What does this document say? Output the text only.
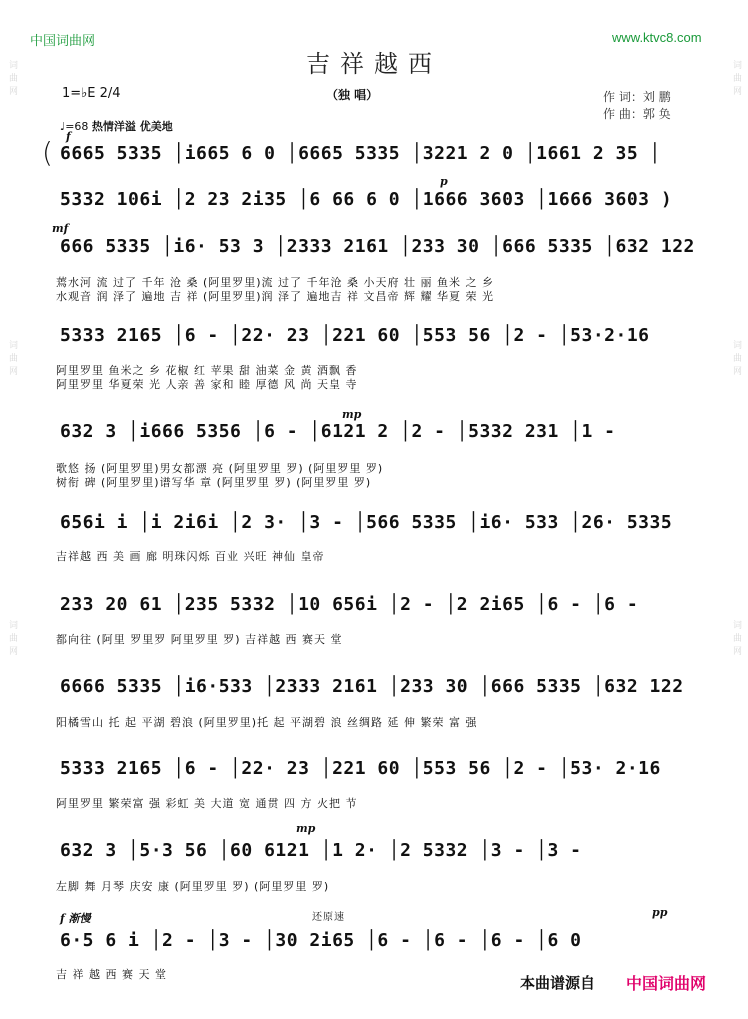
中国词曲网	www.ktvc8.com
吉祥越西
（独 唱）	作 词：刘 鹏
作 曲：郭 奂
1=♭E 2/4
♩=68 热情洋溢 优美地
f
词曲网
词曲网
词曲网
词曲网
词曲网
词曲网
( 6665 5335 │i665 6 0 │6665 5335 │3221 2 0 │1661 2 35 │
p
5332 106i │2 23 2i35 │6 66 6 0 │1666 3603 │1666 3603 )
mf
666 5335 │i6· 53 3 │2333 2161 │233 30 │666 5335 │632 122
蔫水河 流 过了 千年 沧 桑 (阿里罗里)流 过了 千年沧 桑 小天府 壮 丽 鱼米 之 乡
水观音 润 泽了 遍地 吉 祥 (阿里罗里)润 泽了 遍地吉 祥 文昌帝 辉 耀 华夏 荣 光
5333 2165 │6 - │22· 23 │221 60 │553 56 │2 - │53·2·16
阿里罗里 鱼米之 乡 花椒 红 苹果 甜 油菜 金 黄 酒飘 香
阿里罗里 华夏荣 光 人亲 善 家和 睦 厚德 风 尚 天皇 寺
mp
632 3 │i666 5356 │6 - │6121 2 │2 - │5332 231 │1 -
歌悠 扬 (阿里罗里)男女都漂 亮 (阿里罗里 罗) (阿里罗里 罗)
树衔 碑 (阿里罗里)谱写华 章 (阿里罗里 罗) (阿里罗里 罗)
656i i │i 2i6i │2 3· │3 - │566 5335 │i6· 533 │26· 5335
吉祥越 西 美 画 廊 明珠闪烁 百业 兴旺 神仙 皇帝
233 20 61 │235 5332 │10 656i │2 - │2 2i65 │6 - │6 -
都向往 (阿里 罗里罗 阿里罗里 罗) 吉祥越 西 赛天 堂
6666 5335 │i6·533 │2333 2161 │233 30 │666 5335 │632 122
阳橘雪山 托 起 平湖 碧浪 (阿里罗里)托 起 平湖碧 浪 丝绸路 延 伸 繁荣 富 强
5333 2165 │6 - │22· 23 │221 60 │553 56 │2 - │53· 2·16
阿里罗里 繁荣富 强 彩虹 美 大道 宽 通贯 四 方 火把 节
mp
632 3 │5·3 56 │60 6121 │1 2· │2 5332 │3 - │3 -
左脚 舞 月琴 庆安 康 (阿里罗里 罗) (阿里罗里 罗)
f 渐慢	还原速	pp
6·5 6 i │2 - │3 - │30 2i65 │6 - │6 - │6 - │6 0
吉 祥 越 西 赛 天 堂	本曲谱源自 中国词曲网
